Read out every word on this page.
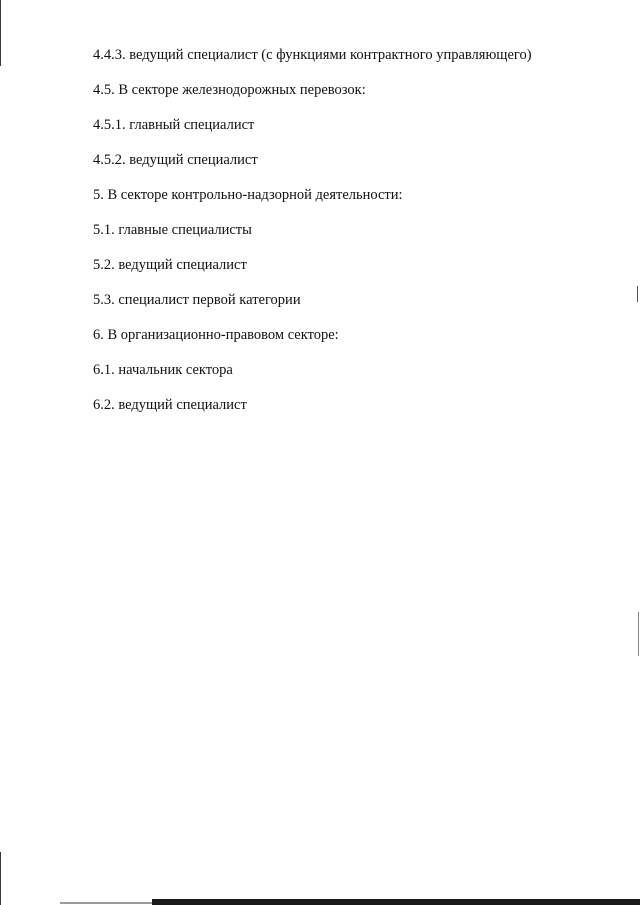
4.4.3. ведущий специалист (с функциями контрактного управляющего)
4.5. В секторе железнодорожных перевозок:
4.5.1. главный специалист
4.5.2. ведущий специалист
5. В секторе контрольно-надзорной деятельности:
5.1. главные специалисты
5.2. ведущий специалист
5.3. специалист первой категории
6. В организационно-правовом секторе:
6.1. начальник сектора
6.2. ведущий специалист
